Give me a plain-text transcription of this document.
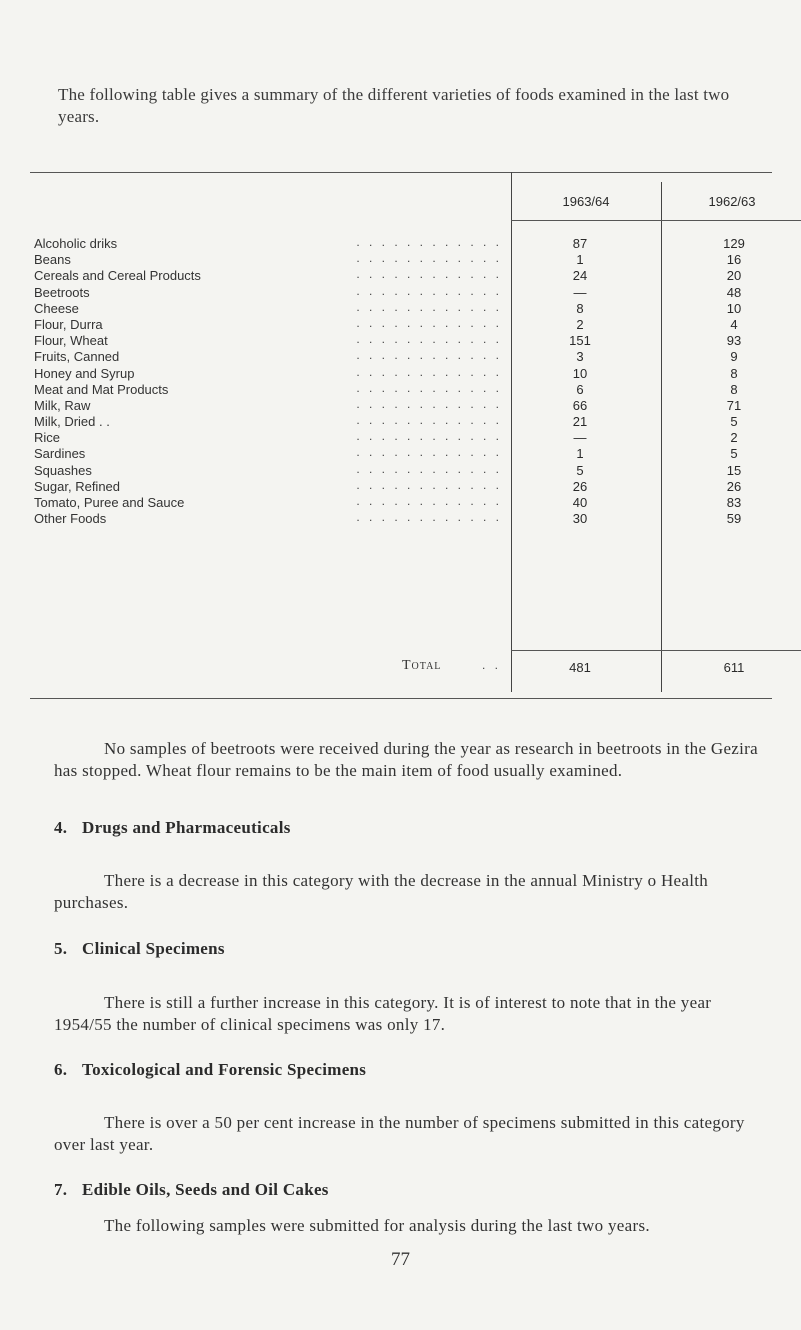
The following table gives a summary of the different varieties of foods examined in the last two years.

1963/64	1962/63
Alcoholic driks	. . . . . . . . . . . .	87	129
Beans	. . . . . . . . . . . .	1	16
Cereals and Cereal Products	. . . . . . . . . . . .	24	20
Beetroots	. . . . . . . . . . . .	—	48
Cheese	. . . . . . . . . . . .	8	10
Flour, Durra	. . . . . . . . . . . .	2	4
Flour, Wheat	. . . . . . . . . . . .	151	93
Fruits, Canned	. . . . . . . . . . . .	3	9
Honey and Syrup	. . . . . . . . . . . .	10	8
Meat and Mat Products	. . . . . . . . . . . .	6	8
Milk, Raw	. . . . . . . . . . . .	66	71
Milk, Dried . .	. . . . . . . . . . . .	21	5
Rice	. . . . . . . . . . . .	—	2
Sardines	. . . . . . . . . . . .	1	5
Squashes	. . . . . . . . . . . .	5	15
Sugar, Refined	. . . . . . . . . . . .	26	26
Tomato, Puree and Sauce	. . . . . . . . . . . .	40	83
Other Foods	. . . . . . . . . . . .	30	59
Total	. .	481	611

No samples of beetroots were received during the year as research in beetroots in the Gezira has stopped. Wheat flour remains to be the main item of food usually examined.

4. Drugs and Pharmaceuticals

There is a decrease in this category with the decrease in the annual Ministry o Health purchases.

5. Clinical Specimens

There is still a further increase in this category. It is of interest to note that in the year 1954/55 the number of clinical specimens was only 17.

6. Toxicological and Forensic Specimens

There is over a 50 per cent increase in the number of specimens submitted in this category over last year.

7. Edible Oils, Seeds and Oil Cakes

The following samples were submitted for analysis during the last two years.

77
